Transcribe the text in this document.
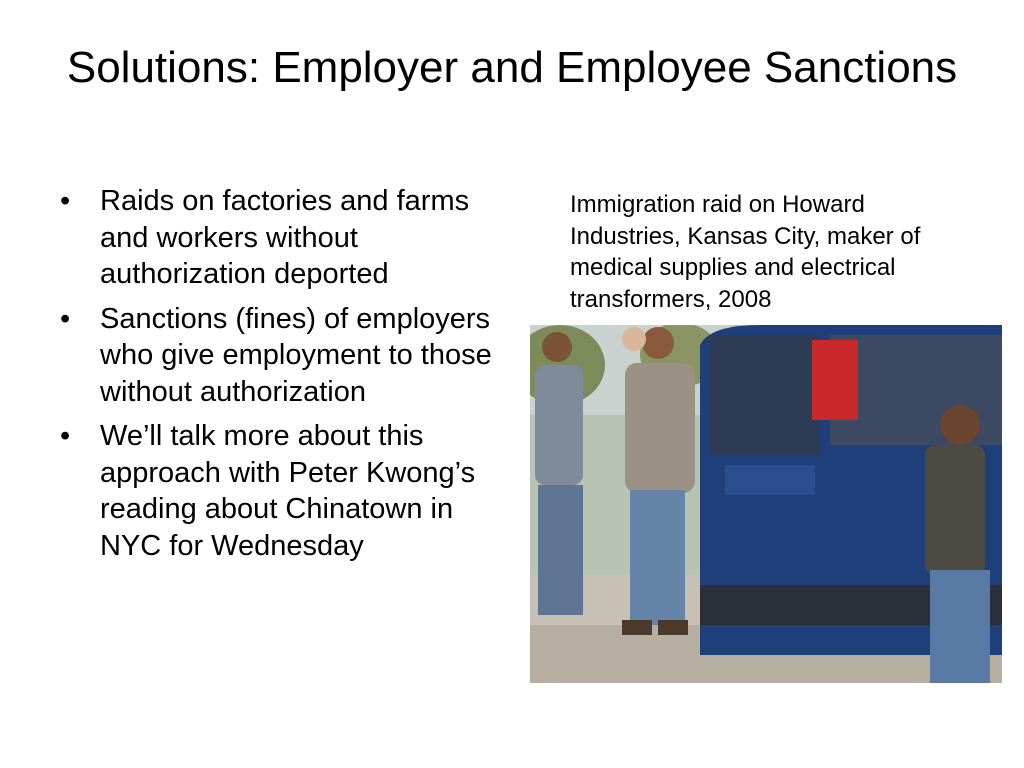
Solutions: Employer and Employee Sanctions
• Raids on factories and farms and workers without authorization deported
• Sanctions (fines) of employers who give employment to those without authorization
• We’ll talk more about this approach with Peter Kwong’s reading about Chinatown in NYC for Wednesday

Immigration raid on Howard Industries, Kansas City, maker of medical supplies and electrical transformers, 2008
